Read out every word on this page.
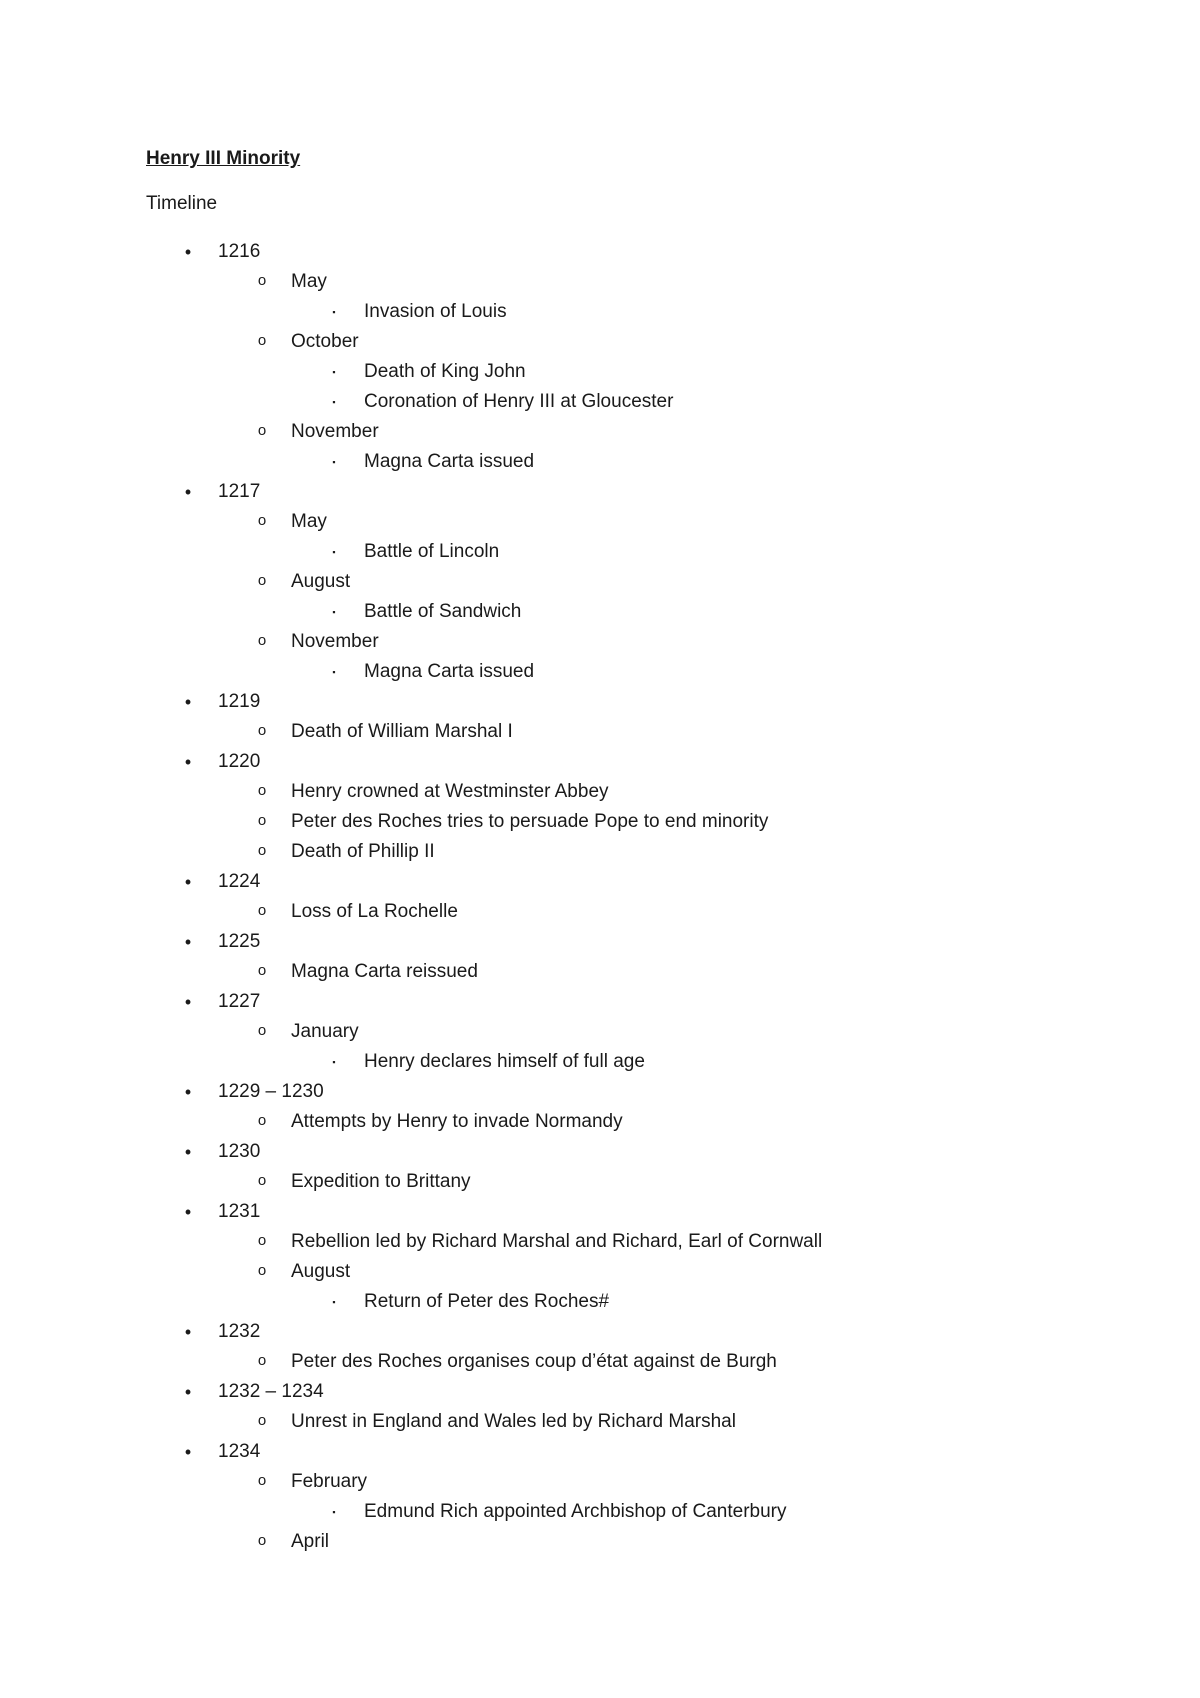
Henry III Minority

Timeline

• 1216
o May
▪ Invasion of Louis
o October
▪ Death of King John
▪ Coronation of Henry III at Gloucester
o November
▪ Magna Carta issued
• 1217
o May
▪ Battle of Lincoln
o August
▪ Battle of Sandwich
o November
▪ Magna Carta issued
• 1219
o Death of William Marshal I
• 1220
o Henry crowned at Westminster Abbey
o Peter des Roches tries to persuade Pope to end minority
o Death of Phillip II
• 1224
o Loss of La Rochelle
• 1225
o Magna Carta reissued
• 1227
o January
▪ Henry declares himself of full age
• 1229 – 1230
o Attempts by Henry to invade Normandy
• 1230
o Expedition to Brittany
• 1231
o Rebellion led by Richard Marshal and Richard, Earl of Cornwall
o August
▪ Return of Peter des Roches#
• 1232
o Peter des Roches organises coup d’état against de Burgh
• 1232 – 1234
o Unrest in England and Wales led by Richard Marshal
• 1234
o February
▪ Edmund Rich appointed Archbishop of Canterbury
o April
